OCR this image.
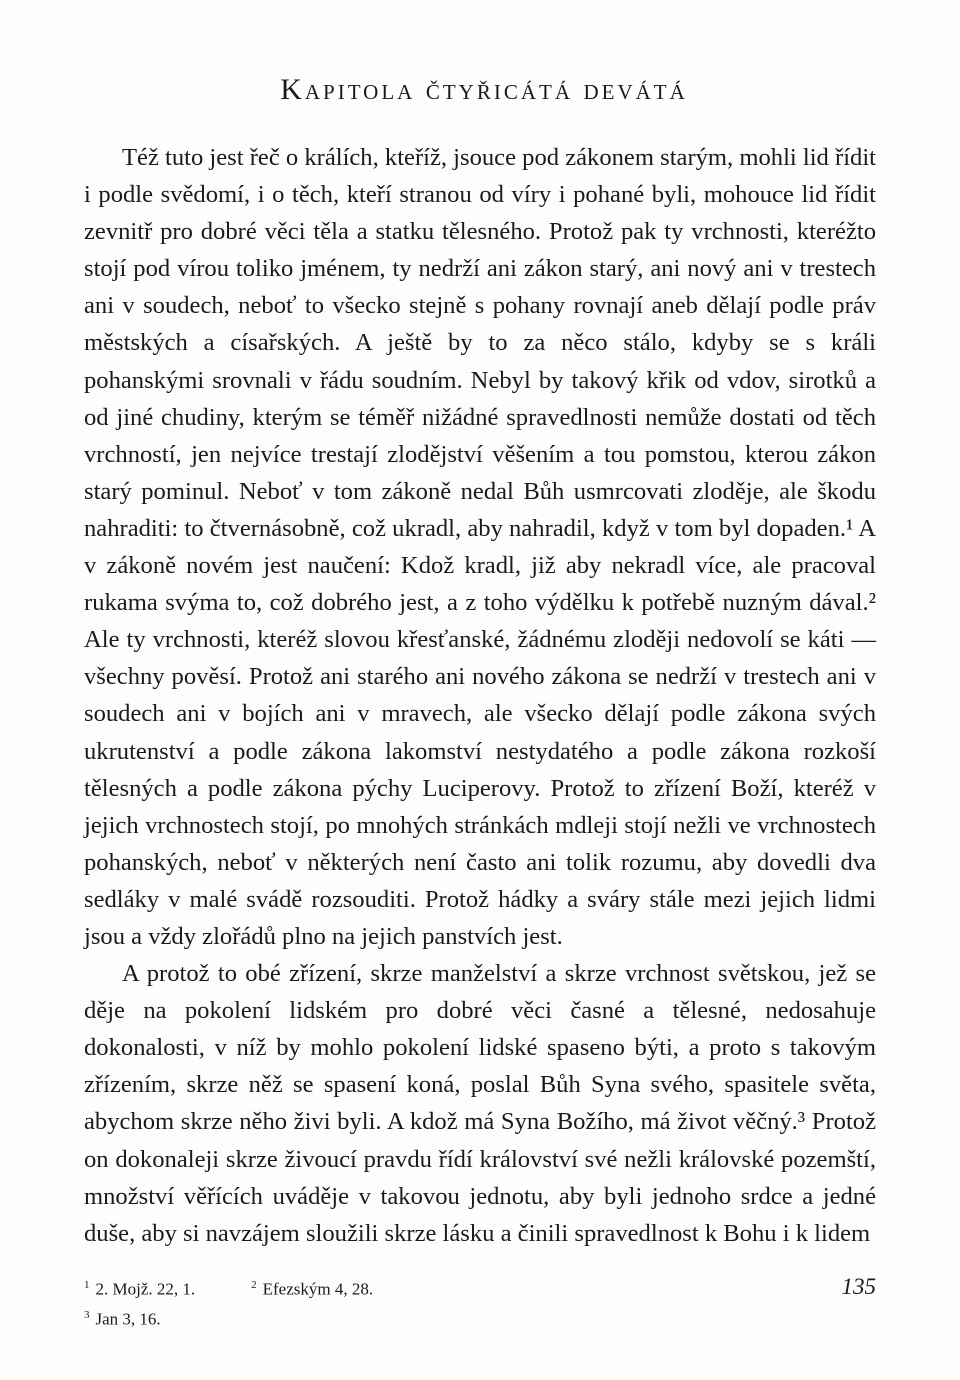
Kapitola čtyřicátá devátá

Též tuto jest řeč o králích, kteříž, jsouce pod zákonem starým, mohli lid řídit i podle svědomí, i o těch, kteří stranou od víry i pohané byli, mohouce lid řídit zevnitř pro dobré věci těla a statku tělesného. Protož pak ty vrchnosti, kteréžto stojí pod vírou toliko jménem, ty nedrží ani zákon starý, ani nový ani v trestech ani v soudech, neboť to všecko stejně s pohany rovnají aneb dělají podle práv městských a císařských. A ještě by to za něco stálo, kdyby se s králi pohanskými srovnali v řádu soudním. Nebyl by takový křik od vdov, sirotků a od jiné chudiny, kterým se téměř nižádné spravedlnosti nemůže dostati od těch vrchností, jen nejvíce trestají zlodějství věšením a tou pomstou, kterou zákon starý pominul. Neboť v tom zákoně nedal Bůh usmrcovati zloděje, ale škodu nahraditi: to čtvernásobně, což ukradl, aby nahradil, když v tom byl dopaden.¹ A v zákoně novém jest naučení: Kdož kradl, již aby nekradl více, ale pracoval rukama svýma to, což dobrého jest, a z toho výdělku k potřebě nuzným dával.² Ale ty vrchnosti, kteréž slovou křesťanské, žádnému zloději nedovolí se káti — všechny pověsí. Protož ani starého ani nového zákona se nedrží v trestech ani v soudech ani v bojích ani v mravech, ale všecko dělají podle zákona svých ukrutenství a podle zákona lakomství nestydatého a podle zákona rozkoší tělesných a podle zákona pýchy Luciperovy. Protož to zřízení Boží, kteréž v jejich vrchnostech stojí, po mnohých stránkách mdleji stojí nežli ve vrchnostech pohanských, neboť v některých není často ani tolik rozumu, aby dovedli dva sedláky v malé svádě rozsouditi. Protož hádky a sváry stále mezi jejich lidmi jsou a vždy zlořádů plno na jejich panstvích jest.

A protož to obé zřízení, skrze manželství a skrze vrchnost světskou, jež se děje na pokolení lidském pro dobré věci časné a tělesné, nedosahuje dokonalosti, v níž by mohlo pokolení lidské spaseno býti, a proto s takovým zřízením, skrze něž se spasení koná, poslal Bůh Syna svého, spasitele světa, abychom skrze něho živi byli. A kdož má Syna Božího, má život věčný.³ Protož on dokonaleji skrze živoucí pravdu řídí království své nežli královské pozemští, množství věřících uváděje v takovou jednotu, aby byli jednoho srdce a jedné duše, aby si navzájem sloužili skrze lásku a činili spravedlnost k Bohu i k lidem

$^1$ 2. Mojž. 22, 1.	$^2$ Efezským 4, 28.
$^3$ Jan 3, 16.
135
